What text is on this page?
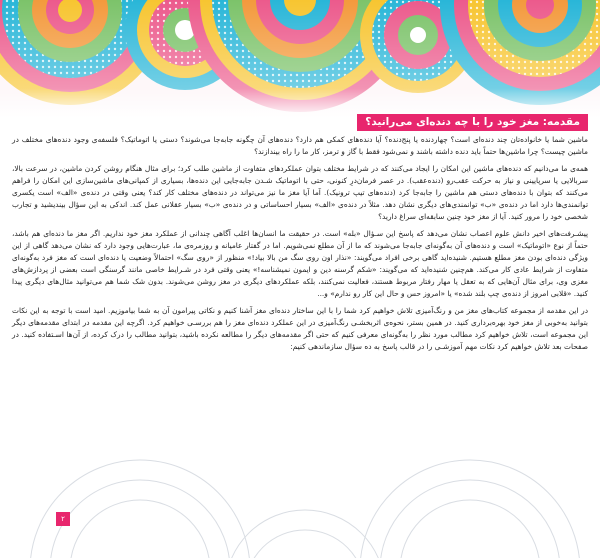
مقدمه: مغز خود را با چه دنده‌ای می‌رانید؟

ماشین شما یا خانواده‌تان چند دنده‌ای است؟ چهاردنده یا پنج‌دنده؟ آیا دنده‌های کمکی هم دارد؟ دنده‌های آن چگونه جابه‌جا می‌شوند؟ دستی یا اتوماتیک؟ فلسفه‌ی وجود دنده‌های مختلف در ماشین چیست؟ چرا ماشین‌ها حتماً باید دنده داشته باشند و نمی‌شود فقط با گاز و ترمز، کار ما را راه بیندازند؟

همه‌ی ما می‌دانیم که دنده‌های ماشین این امکان را ایجاد می‌کنند که در شرایط مختلف بتوان عملکردهای متفاوت از ماشین طلب کرد؛ برای مثال هنگام روشن کردن ماشین، در سرعت بالا، سربالایی یا سرپایینی و نیاز به حرکت عقب‌رو (دنده‌عقب). در عصر فرمان‌درِ کنونی، حتی با اتوماتیک شـدن جابه‌جایی این دنده‌ها، بسیاری از کمپانی‌های ماشین‌سازی این امکان را فراهم می‌کنند که بتوان با دنده‌های دستی هم ماشین را جابه‌جا کرد (دنده‌های تیپ ترونیک). آما آیا مغز ما نیز می‌تواند در دنده‌های مختلف کار کند؟ یعنی وقتی در دنده‌ی «الف» است یکسری توانمندی‌ها دارد اما در دنده‌ی «ب» توانمندی‌های دیگری نشان دهد. مثلاً در دنده‌ی «الف» بسیار احساساتی و در دنده‌ی «ب» بسیار عقلانی عمل کند. اندکی به این سؤال بیندیشید و تجارب شخصی خود را مرور کنید. آیا از مغز خود چنین سابقه‌ای سراغ دارید؟

پیشـرفت‌های اخیر دانش علوم اعصاب نشان می‌دهد که پاسخ این سـؤال «بله» است. در حقیقت ما انسان‌ها اغلب آگاهی چندانی از عملکرد مغز خود نداریم. اگر مغز ما دنده‌ای هم باشد، حتماً از نوع «اتوماتیک» است و دنده‌های آن به‌گونه‌ای جابه‌جا می‌شوند که ما از آن مطلع نمی‌شویم. اما در گفتار عامیانه و روزمره‌ی ما، عبارت‌هایی وجود دارد که نشان می‌دهد گاهی از این ویژگی دنده‌ای بودن مغز مطلع هستیم. شنیده‌اید گاهی برخی افراد می‌گویند: «نذار اون روی سگ من بالا بیاد!» منظور از «روی سگ» احتمالاً وضعیت یا دنده‌ای است که مغز فرد به‌گونه‌ای متفاوت از شرایط عادی کار می‌کند. هم‌چنین شنیده‌اید که می‌گویند: «شکم گرسنه دین و ایمون نمیشناسه!» یعنی وقتی فرد در شـرایط خاصی مانند گرسنگی است بعضی از پردازش‌های مغزی وی، برای مثال آن‌هایی که به تعقل یا مهار رفتار مربوط هستند، فعالیت نمی‌کنند، بلکه عملکردهای دیگری در مغز روشن می‌شوند. بدون شک شما هم می‌توانید مثال‌های دیگری پیدا کنید. «قلابی امروز از دنده‌ی چپ بلند شده» یا «امروز حس و حال این کار رو ندارم» و...

در این مقدمه از مجموعه کتاب‌های مغز من و رنگ‌آمیزی تلاش خواهیم کرد شما را با این ساختار دنده‌ای مغز آشنا کنیم و نکاتی پیرامون آن به شما بیاموزیم. امید است با توجه به این نکات بتوانید به‌خوبی از مغز خود بهره‌برداری کنید. در همین بستر، نحوه‌ی اثربخشـی رنگ‌آمیزی در این عملکرد دنده‌ای مغز را هم بررسـی خواهیم کرد. اگرچه این مقدمه در ابتدای مقدمه‌های دیگر این مجموعه است، تلاش خواهیم کرد مطالب مورد نظر را به‌گونه‌ای معرفی کنیم که حتی اگر مقدمه‌های دیگر را مطالعه نکرده باشید، بتوانید مطالب را درک کرده، از آن‌ها اسـتفاده کنید. در صفحات بعد تلاش خواهیم کرد نکات مهم آموزشـی را در قالب پاسخ به ده سؤال سازماندهی کنیم:

۲
